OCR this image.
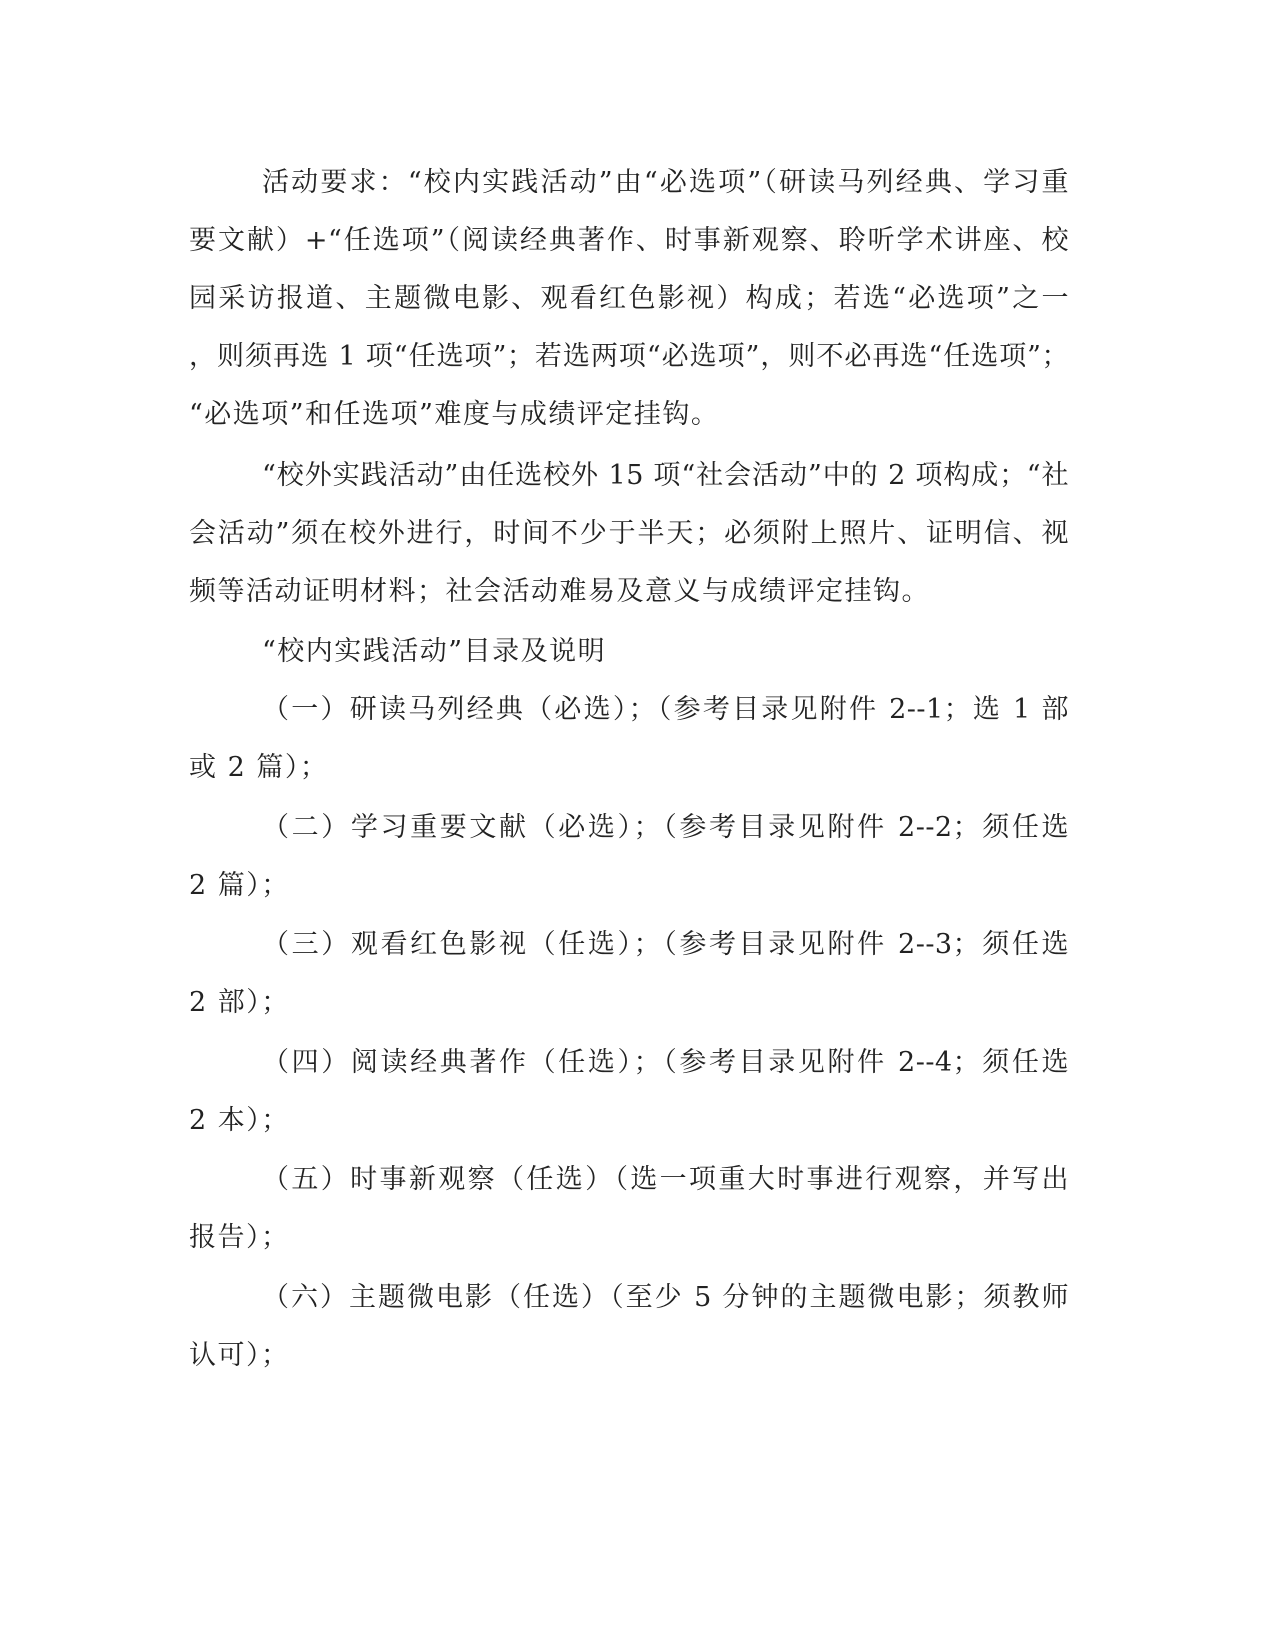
活动要求：“校内实践活动”由“必选项”（研读马列经典、学习重
要文献）+“任选项”（阅读经典著作、时事新观察、聆听学术讲座、校
园采访报道、主题微电影、观看红色影视）构成；若选“必选项”之一
，则须再选 1 项“任选项”；若选两项“必选项”，则不必再选“任选项”；
“必选项”和任选项”难度与成绩评定挂钩。
“校外实践活动”由任选校外 15 项“社会活动”中的 2 项构成；“社
会活动”须在校外进行，时间不少于半天；必须附上照片、证明信、视
频等活动证明材料；社会活动难易及意义与成绩评定挂钩。
“校内实践活动”目录及说明
（一）研读马列经典（必选）；（参考目录见附件 2--1；选 1 部
或 2 篇）；
（二）学习重要文献（必选）；（参考目录见附件 2--2；须任选
2 篇）；
（三）观看红色影视（任选）；（参考目录见附件 2--3；须任选
2 部）；
（四）阅读经典著作（任选）；（参考目录见附件 2--4；须任选
2 本）；
（五）时事新观察（任选）（选一项重大时事进行观察，并写出
报告）；
（六）主题微电影（任选）（至少 5 分钟的主题微电影；须教师
认可）；
